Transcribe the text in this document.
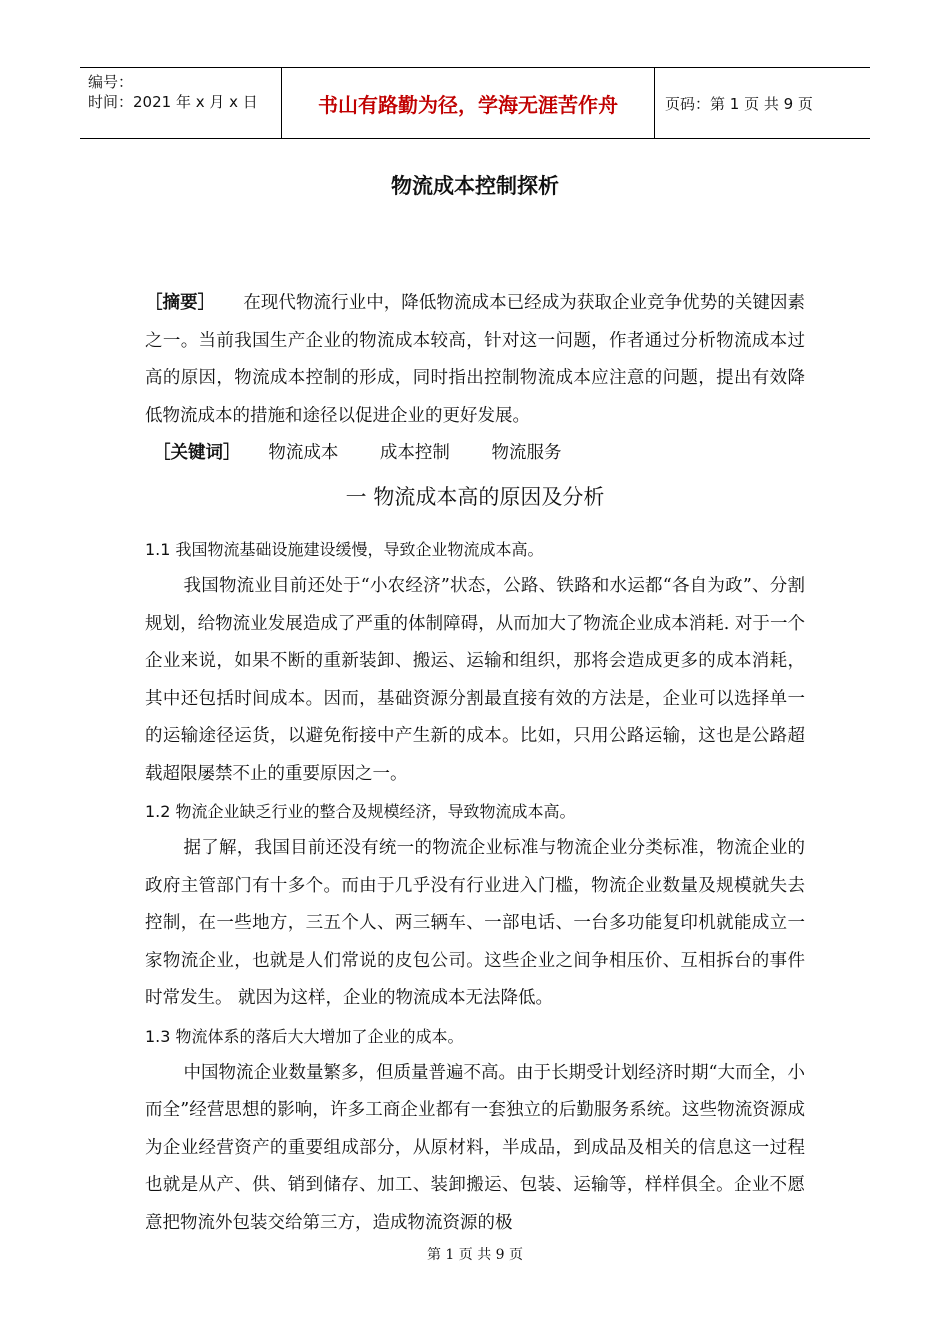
编号：
时间：2021 年 x 月 x 日	书山有路勤为径，学海无涯苦作舟	页码：第 1 页 共 9 页
物流成本控制探析

［摘要］ 在现代物流行业中，降低物流成本已经成为获取企业竞争优势的关键因素之一。当前我国生产企业的物流成本较高，针对这一问题，作者通过分析物流成本过高的原因，物流成本控制的形成，同时指出控制物流成本应注意的问题，提出有效降低物流成本的措施和途径以促进企业的更好发展。

［关键词］ 物流成本 成本控制 物流服务
一 物流成本高的原因及分析

1.1 我国物流基础设施建设缓慢，导致企业物流成本高。

我国物流业目前还处于“小农经济”状态，公路、铁路和水运都“各自为政”、分割规划，给物流业发展造成了严重的体制障碍，从而加大了物流企业成本消耗. 对于一个企业来说，如果不断的重新装卸、搬运、运输和组织，那将会造成更多的成本消耗，其中还包括时间成本。因而，基础资源分割最直接有效的方法是，企业可以选择单一的运输途径运货，以避免衔接中产生新的成本。比如，只用公路运输，这也是公路超载超限屡禁不止的重要原因之一。

1.2 物流企业缺乏行业的整合及规模经济，导致物流成本高。

据了解，我国目前还没有统一的物流企业标准与物流企业分类标准，物流企业的政府主管部门有十多个。而由于几乎没有行业进入门槛，物流企业数量及规模就失去控制，在一些地方，三五个人、两三辆车、一部电话、一台多功能复印机就能成立一家物流企业，也就是人们常说的皮包公司。这些企业之间争相压价、互相拆台的事件时常发生。 就因为这样，企业的物流成本无法降低。

1.3 物流体系的落后大大增加了企业的成本。

中国物流企业数量繁多，但质量普遍不高。由于长期受计划经济时期“大而全，小而全”经营思想的影响，许多工商企业都有一套独立的后勤服务系统。这些物流资源成为企业经营资产的重要组成部分，从原材料，半成品，到成品及相关的信息这一过程也就是从产、供、销到储存、加工、装卸搬运、包装、运输等，样样俱全。企业不愿意把物流外包装交给第三方，造成物流资源的极

第 1 页 共 9 页
